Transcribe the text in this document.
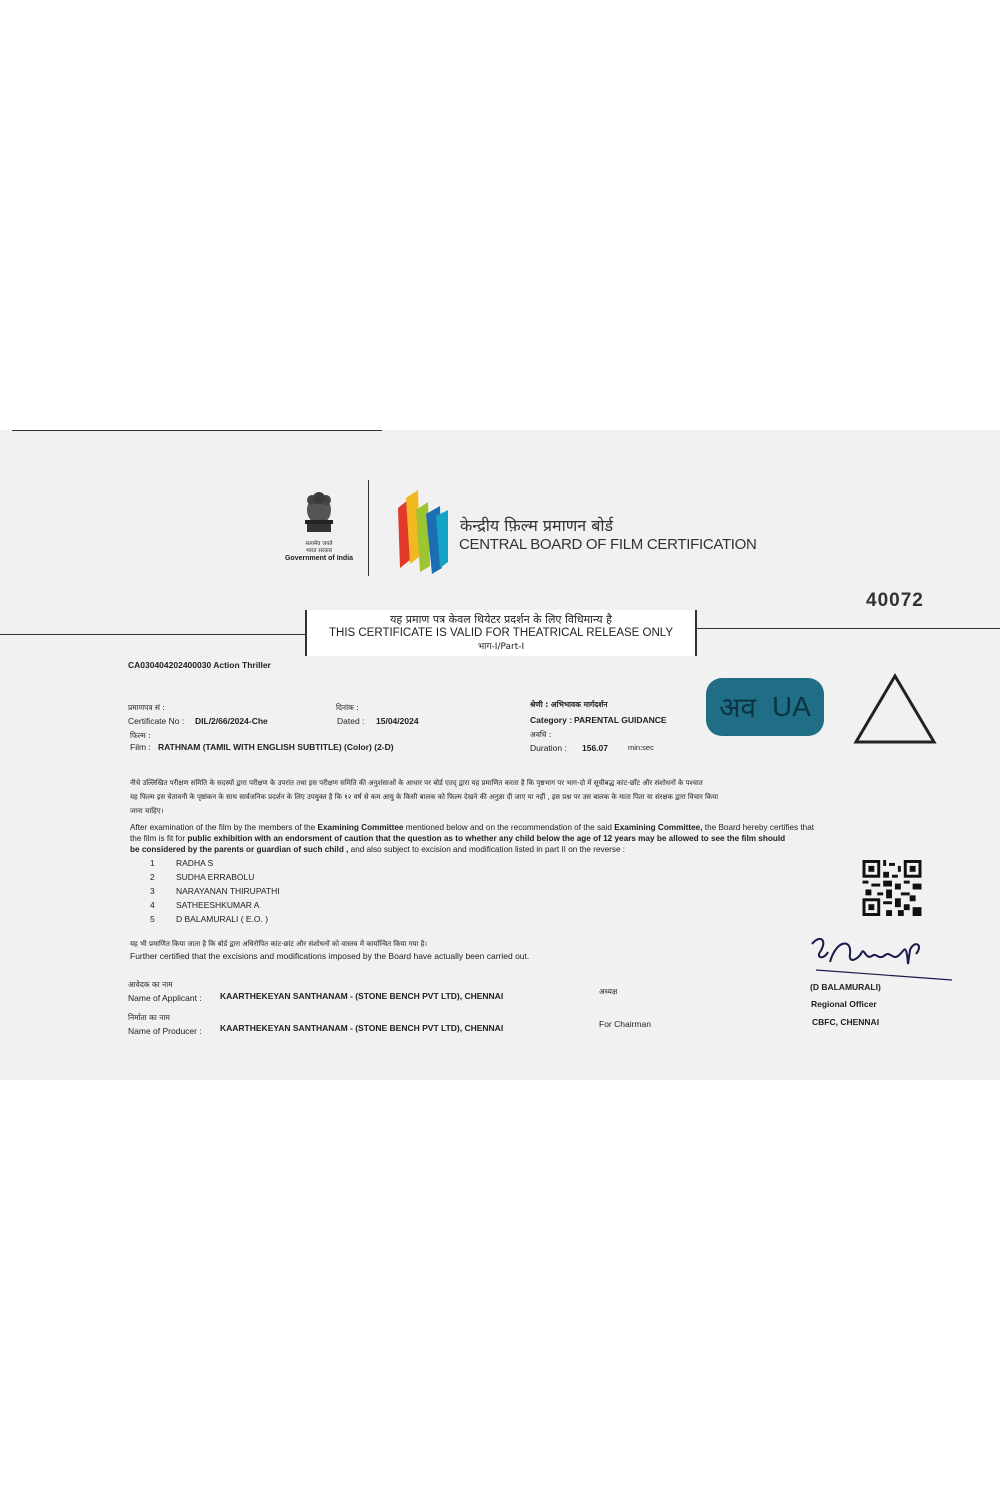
सत्यमेव जयते
भारत सरकार
Government of India
केन्द्रीय फ़िल्म प्रमाणन बोर्ड
CENTRAL BOARD OF FILM CERTIFICATION
40072
यह प्रमाण पत्र केवल थियेटर प्रदर्शन के लिए विधिमान्य है
THIS CERTIFICATE IS VALID FOR THEATRICAL RELEASE ONLY
भाग-I/Part-I
CA030404202400030 Action Thriller
प्रमाणपत्र सं :
Certificate No : DIL/2/66/2024-Che
दिनांक :
Dated : 15/04/2024
श्रेणी : अभिभावक मार्गदर्शन
Category : PARENTAL GUIDANCE
फिल्म :
Film : RATHNAM (TAMIL WITH ENGLISH SUBTITLE) (Color) (2-D)
अवधि :
Duration : 156.07	min:sec
अव UA
नीचे उल्लिखित परीक्षण समिति के सदस्यों द्वारा परीक्षण के उपरांत तथा इस परीक्षण समिति की अनुशंसाओं के आधार पर बोर्ड एतद् द्वारा यह प्रमाणित करता है कि पृष्ठभाग पर भाग-दो में सूचीबद्ध कांट-छाँट और संशोधनों के पश्चात
यह फिल्म इस चेतावनी के पृष्ठांकन के साथ सार्वजनिक प्रदर्शन के लिए उपयुक्त है कि १२ वर्ष से कम आयु के किसी बालक को फिल्म देखने की अनुज्ञा दी जाए या नहीं , इस प्रश्न पर उस बालक के माता पिता या संरक्षक द्वारा विचार किया
जाना चाहिए।
After examination of the film by the members of the Examining Committee mentioned below and on the recommendation of the said Examining Committee, the Board hereby certifies that
the film is fit for public exhibition with an endorsment of caution that the question as to whether any child below the age of 12 years may be allowed to see the film should
be considered by the parents or guardian of such child , and also subject to excision and modification listed in part II on the reverse :
1	RADHA S
2	SUDHA ERRABOLU
3	NARAYANAN THIRUPATHI
4	SATHEESHKUMAR A
5	D BALAMURALI ( E.O. )
यह भी प्रमाणित किया जाता है कि बोर्ड द्वारा अधिरोपित कांट-छांट और संशोधनों को वास्तव में कार्यान्वित किया गया है।
Further certified that the excisions and modifications imposed by the Board have actually been carried out.
(D BALAMURALI)
Regional Officer
CBFC, CHENNAI
आवेदक का नाम
Name of Applicant : KAARTHEKEYAN SANTHANAM - (STONE BENCH PVT LTD), CHENNAI	अध्यक्ष
निर्माता का नाम
Name of Producer : KAARTHEKEYAN SANTHANAM - (STONE BENCH PVT LTD), CHENNAI	For Chairman
